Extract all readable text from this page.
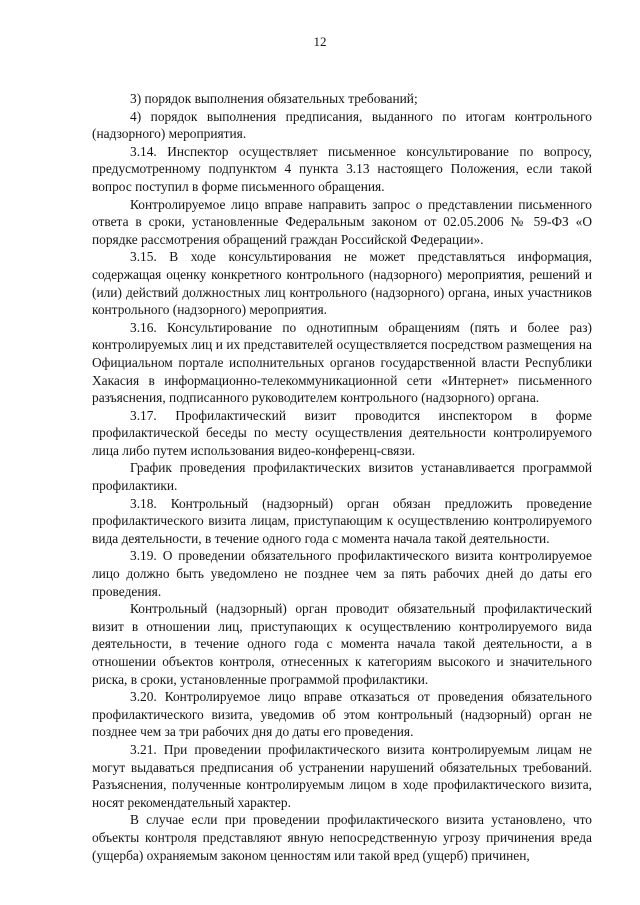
12

3) порядок выполнения обязательных требований;

4) порядок выполнения предписания, выданного по итогам контрольного (надзорного) мероприятия.

3.14. Инспектор осуществляет письменное консультирование по вопросу, предусмотренному подпунктом 4 пункта 3.13 настоящего Положения, если такой вопрос поступил в форме письменного обращения.

Контролируемое лицо вправе направить запрос о представлении письменного ответа в сроки, установленные Федеральным законом от 02.05.2006 № 59-ФЗ «О порядке рассмотрения обращений граждан Российской Федерации».

3.15. В ходе консультирования не может представляться информация, содержащая оценку конкретного контрольного (надзорного) мероприятия, решений и (или) действий должностных лиц контрольного (надзорного) органа, иных участников контрольного (надзорного) мероприятия.

3.16. Консультирование по однотипным обращениям (пять и более раз) контролируемых лиц и их представителей осуществляется посредством размещения на Официальном портале исполнительных органов государственной власти Республики Хакасия в информационно-телекоммуникационной сети «Интернет» письменного разъяснения, подписанного руководителем контрольного (надзорного) органа.

3.17. Профилактический визит проводится инспектором в форме профилактической беседы по месту осуществления деятельности контролируемого лица либо путем использования видео-конференц-связи.

График проведения профилактических визитов устанавливается программой профилактики.

3.18. Контрольный (надзорный) орган обязан предложить проведение профилактического визита лицам, приступающим к осуществлению контролируемого вида деятельности, в течение одного года с момента начала такой деятельности.

3.19. О проведении обязательного профилактического визита контролируемое лицо должно быть уведомлено не позднее чем за пять рабочих дней до даты его проведения.

Контрольный (надзорный) орган проводит обязательный профилактический визит в отношении лиц, приступающих к осуществлению контролируемого вида деятельности, в течение одного года с момента начала такой деятельности, а в отношении объектов контроля, отнесенных к категориям высокого и значительного риска, в сроки, установленные программой профилактики.

3.20. Контролируемое лицо вправе отказаться от проведения обязательного профилактического визита, уведомив об этом контрольный (надзорный) орган не позднее чем за три рабочих дня до даты его проведения.

3.21. При проведении профилактического визита контролируемым лицам не могут выдаваться предписания об устранении нарушений обязательных требований. Разъяснения, полученные контролируемым лицом в ходе профилактического визита, носят рекомендательный характер.

В случае если при проведении профилактического визита установлено, что объекты контроля представляют явную непосредственную угрозу причинения вреда (ущерба) охраняемым законом ценностям или такой вред (ущерб) причинен,
